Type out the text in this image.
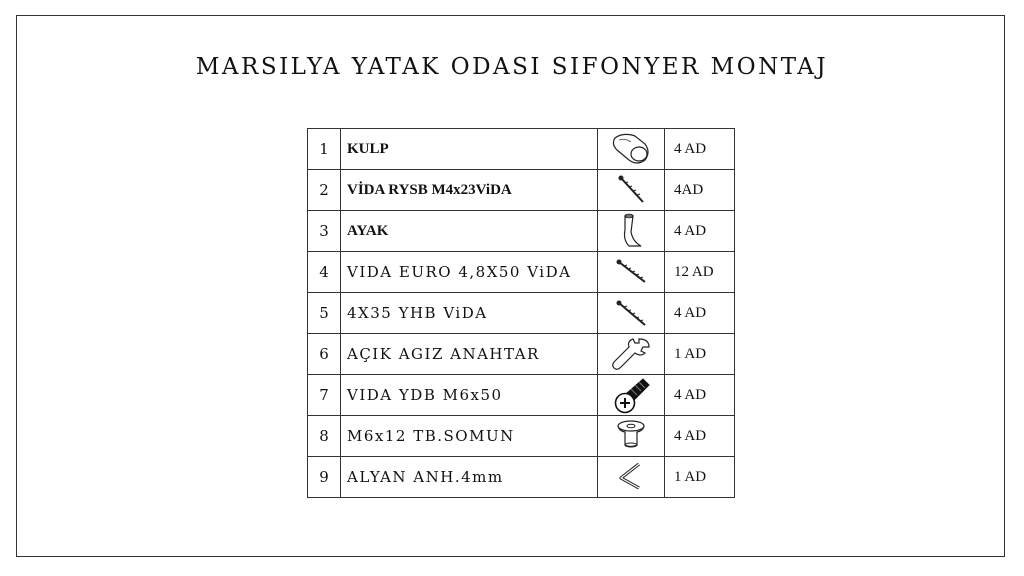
MARSILYA YATAK ODASI SIFONYER MONTAJ
1	KULP		4 AD
2	VİDA RYSB M4x23ViDA		4AD
3	AYAK		4 AD
4	VIDA EURO 4,8X50 ViDA		12 AD
5	4X35 YHB ViDA		4 AD
6	AÇIK AGIZ ANAHTAR		1 AD
7	VIDA YDB M6x50		4 AD
8	M6x12 TB.SOMUN		4 AD
9	ALYAN ANH.4mm		1 AD
